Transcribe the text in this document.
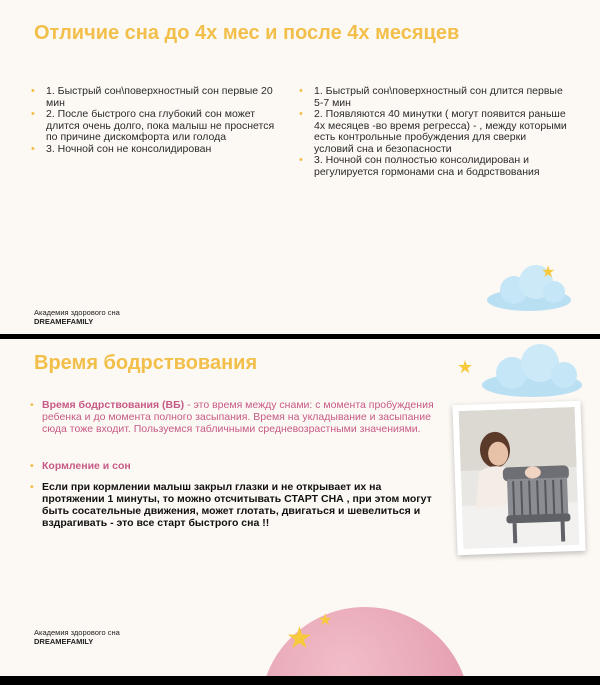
Отличие сна до 4х мес и после 4х месяцев
• 1. Быстрый сон\поверхностный сон первые 20 мин
• 2. После быстрого сна глубокий сон может длится очень долго, пока малыш не проснется по причине дискомфорта или голода
• 3. Ночной сон не консолидирован
• 1. Быстрый сон\поверхностный сон длится первые 5-7 мин
• 2. Появляются 40 минутки ( могут появится раньше 4х месяцев -во время регресса) - , между которыми есть контрольные пробуждения для сверки условий сна и безопасности
• 3. Ночной сон полностью консолидирован и регулируется гормонами сна и бодрствования
★
Академия здорового сна
DREAMEFAMILY
Время бодрствования	★
• Время бодрствования (ВБ) - это время между снами: с момента пробуждения ребенка и до момента полного засыпания. Время на укладывание и засыпание сюда тоже входит. Пользуемся табличными средневозрастными значениями.
• Кормление и сон
• Если при кормлении малыш закрыл глазки и не открывает их на протяжении 1 минуты, то можно отсчитывать СТАРТ СНА , при этом могут быть сосательные движения, может глотать, двигаться и шевелиться и вздрагивать - это все старт быстрого сна !!
★
★
Академия здорового сна
DREAMEFAMILY
